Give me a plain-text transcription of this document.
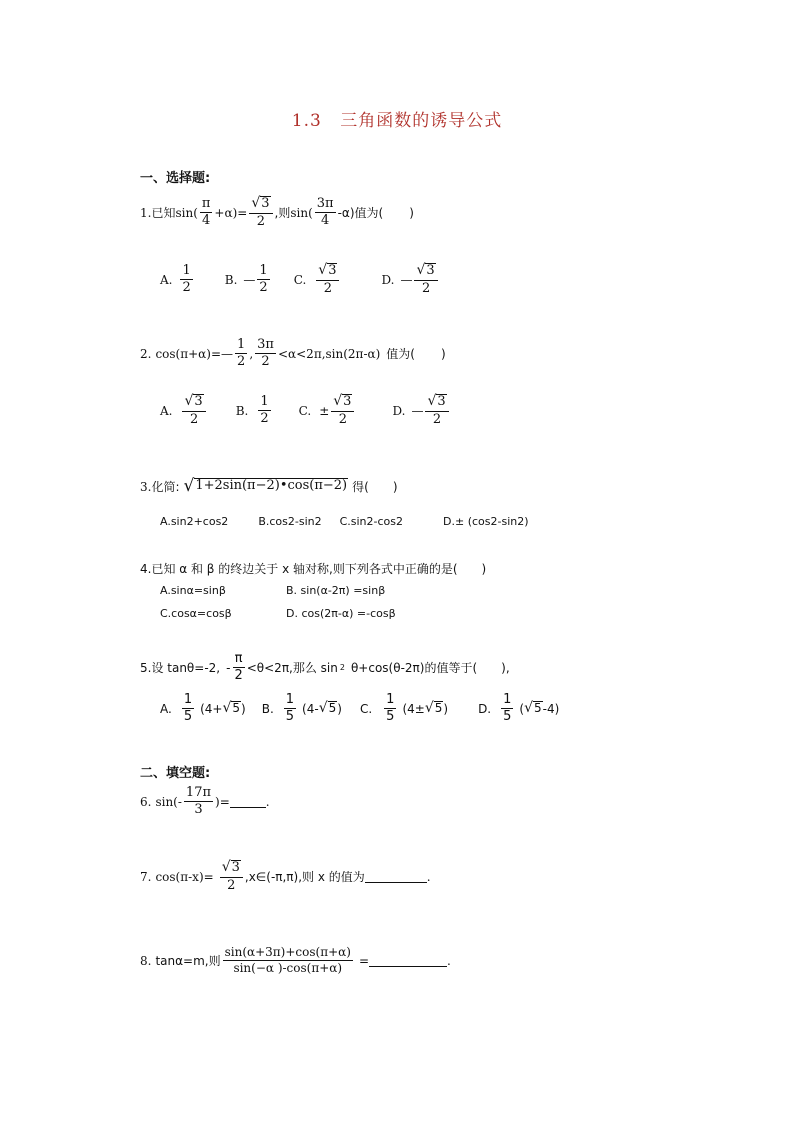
1.3 三角函数的诱导公式
一、选择题:
1. 已知 $\sin( \frac{\pi}{4} +\alpha)= \frac{√ 3}{2}$ ,则 $\sin( \frac{3\pi}{4} -\alpha)$值为( )
A. $\frac{1}{2}$	B. — $\frac{1}{2} C$. $\frac{√ 3}{2}$	D. — $\frac{√ 3}{2}$
2. cos(π+α)= — $\frac{1}{2}$ , $\frac{3\pi}{2} <\alpha<2\pi,\sin(2\pi-\alpha)$ 值为( )
A. $\frac{√ 3}{2}$	B. $\frac{1}{2} C$. ± $\frac{√ 3}{2}$	D. — $\frac{√ 3}{2}$
3. 化简: √ 1+2sin(π−2)•cos(π−2) 得( )
A.sin2+cos2	B.cos2-sin2 C.sin2-cos2	D.± (cos2-sin2)
4. 已知 α 和 β 的终边关于 x 轴对称,则下列各式中正确的是( )
A.sinα=sinβ	B. sin(α-2π) =sinβ
C.cosα=cosβ	D. cos(2π-α) =-cosβ
5. 设 tanθ=-2, - $\frac{\pi}{2} <\theta<2\pi$,那么 sin 2 θ+cos(θ-2π)的值等于( ),
A. $\frac{1}{5} (4+$ √ 5 ) B. $\frac{1}{5} (4-$ √ 5 ) C. $\frac{1}{5} (4\pm$ √ 5 )	D. $\frac{1}{5}$ ( √ 5 -4)
二、填空题:
6. $\sin(- \frac{17\pi}{3}$ )=	.
7. $\cos(\pi-x)= \frac{√ 3}{2}$ ,x∈(-π,π),则 x 的值为	.
8. tanα=m,则 $\frac{\sin(\alpha+3\pi)+\cos(\pi+\alpha)}{\sin(-\alpha )-\cos(\pi+\alpha)}$ =	.
